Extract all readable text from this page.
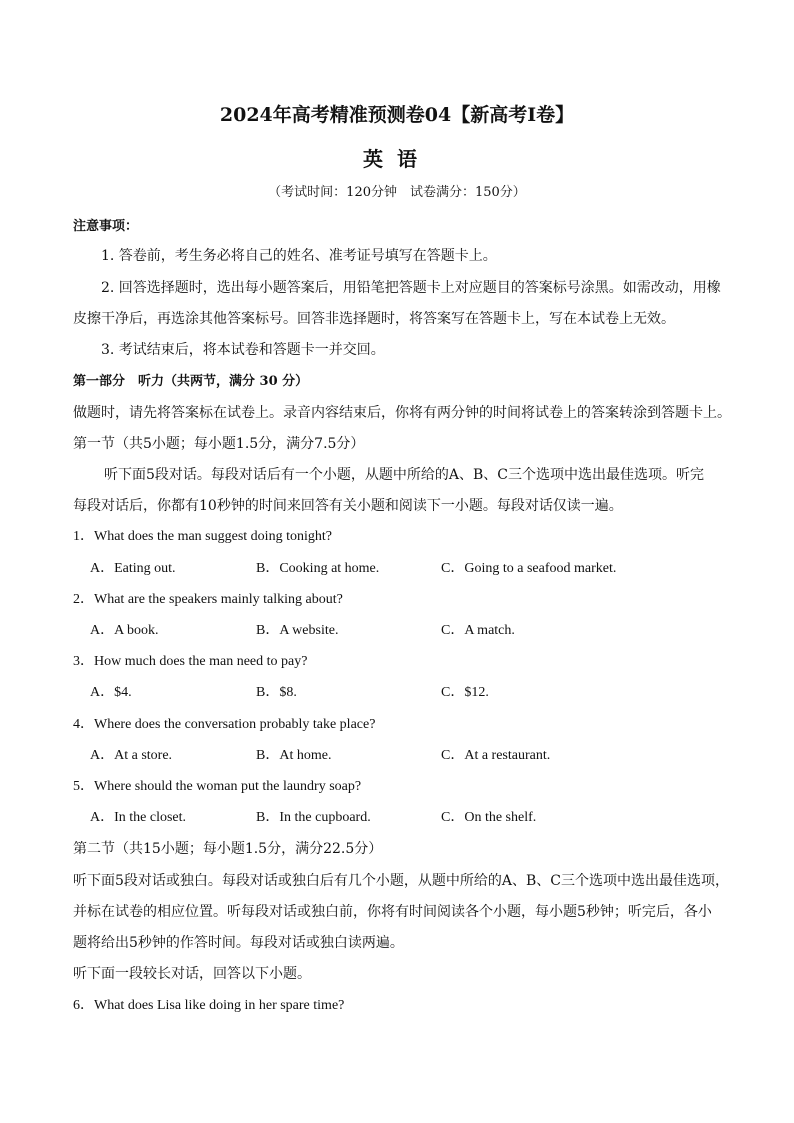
2024年高考精准预测卷04【新高考I卷】
英语
（考试时间：120分钟　试卷满分：150分）
注意事项：
1. 答卷前，考生务必将自己的姓名、准考证号填写在答题卡上。
2. 回答选择题时，选出每小题答案后，用铅笔把答题卡上对应题目的答案标号涂黑。如需改动，用橡
皮擦干净后，再选涂其他答案标号。回答非选择题时，将答案写在答题卡上，写在本试卷上无效。
3. 考试结束后，将本试卷和答题卡一并交回。
第一部分　听力（共两节，满分 30 分）
做题时，请先将答案标在试卷上。录音内容结束后，你将有两分钟的时间将试卷上的答案转涂到答题卡上。
第一节（共5小题；每小题1.5分，满分7.5分）
听下面5段对话。每段对话后有一个小题，从题中所给的A、B、C三个选项中选出最佳选项。听完
每段对话后，你都有10秒钟的时间来回答有关小题和阅读下一小题。每段对话仅读一遍。
1．What does the man suggest doing tonight?
A．Eating out.	B．Cooking at home.	C．Going to a seafood market.
2．What are the speakers mainly talking about?
A．A book.	B．A website.	C．A match.
3．How much does the man need to pay?
A．$4.	B．$8.	C．$12.
4．Where does the conversation probably take place?
A．At a store.	B．At home.	C．At a restaurant.
5．Where should the woman put the laundry soap?
A．In the closet.	B．In the cupboard.	C．On the shelf.
第二节（共15小题；每小题1.5分，满分22.5分）
听下面5段对话或独白。每段对话或独白后有几个小题，从题中所给的A、B、C三个选项中选出最佳选项，
并标在试卷的相应位置。听每段对话或独白前，你将有时间阅读各个小题，每小题5秒钟；听完后，各小
题将给出5秒钟的作答时间。每段对话或独白读两遍。
听下面一段较长对话，回答以下小题。
6．What does Lisa like doing in her spare time?
